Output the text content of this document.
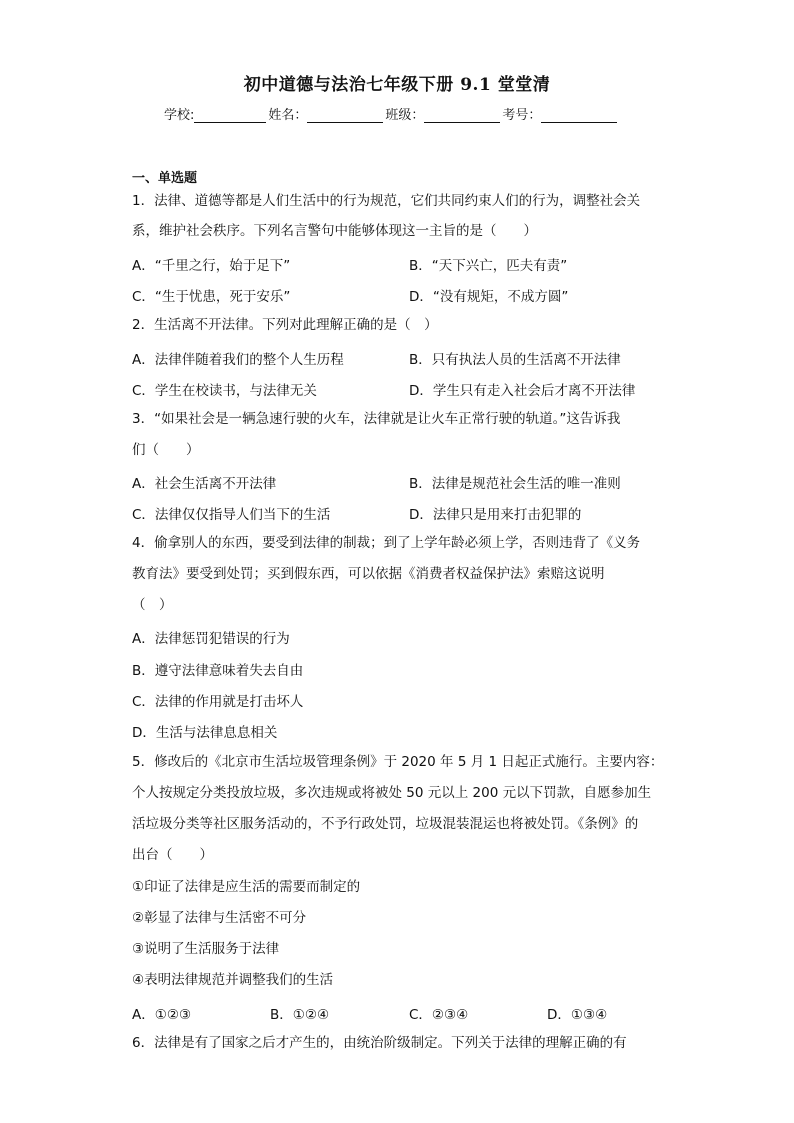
初中道德与法治七年级下册 9.1 堂堂清
学校:	姓名：	班级：	考号：
一、单选题
1．法律、道德等都是人们生活中的行为规范，它们共同约束人们的行为，调整社会关
系，维护社会秩序。下列名言警句中能够体现这一主旨的是（　　）
A．“千里之行，始于足下”	B．“天下兴亡，匹夫有责”
C．“生于忧患，死于安乐”	D．“没有规矩，不成方圆”
2．生活离不开法律。下列对此理解正确的是（　）
A．法律伴随着我们的整个人生历程	B．只有执法人员的生活离不开法律
C．学生在校读书，与法律无关	D．学生只有走入社会后才离不开法律
3．“如果社会是一辆急速行驶的火车，法律就是让火车正常行驶的轨道。”这告诉我
们（　　）
A．社会生活离不开法律	B．法律是规范社会生活的唯一准则
C．法律仅仅指导人们当下的生活	D．法律只是用来打击犯罪的
4．偷拿别人的东西，要受到法律的制裁；到了上学年龄必须上学，否则违背了《义务
教育法》要受到处罚；买到假东西，可以依据《消费者权益保护法》索赔这说明
（　）
A．法律惩罚犯错误的行为
B．遵守法律意味着失去自由
C．法律的作用就是打击坏人
D．生活与法律息息相关
5．修改后的《北京市生活垃圾管理条例》于 2020 年 5 月 1 日起正式施行。主要内容：
个人按规定分类投放垃圾，多次违规或将被处 50 元以上 200 元以下罚款，自愿参加生
活垃圾分类等社区服务活动的，不予行政处罚，垃圾混装混运也将被处罚。《条例》的
出台（　　）
①印证了法律是应生活的需要而制定的
②彰显了法律与生活密不可分
③说明了生活服务于法律
④表明法律规范并调整我们的生活
A．①②③	B．①②④	C．②③④	D．①③④
6．法律是有了国家之后才产生的，由统治阶级制定。下列关于法律的理解正确的有
